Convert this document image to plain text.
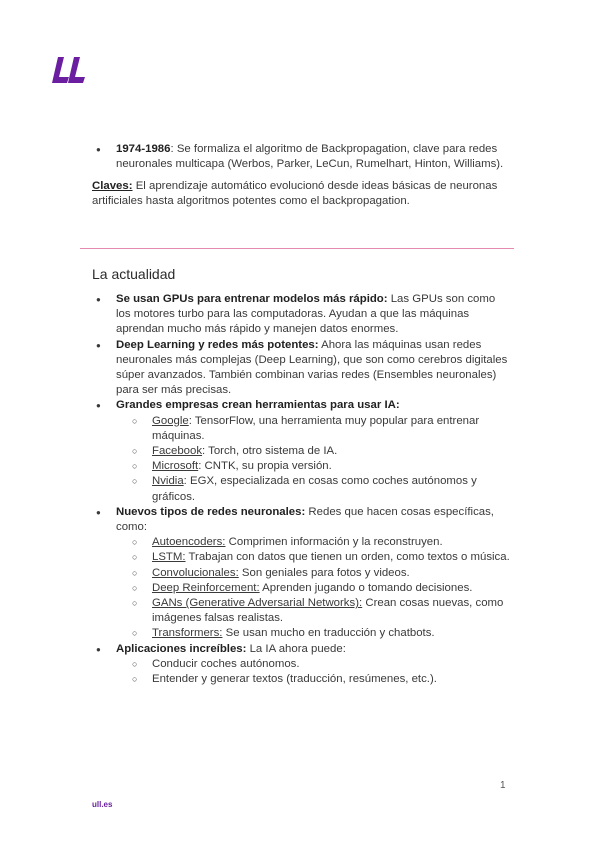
● 1974-1986: Se formaliza el algoritmo de Backpropagation, clave para redes neuronales multicapa (Werbos, Parker, LeCun, Rumelhart, Hinton, Williams).
Claves: El aprendizaje automático evolucionó desde ideas básicas de neuronas artificiales hasta algoritmos potentes como el backpropagation.
La actualidad
● Se usan GPUs para entrenar modelos más rápido: Las GPUs son como los motores turbo para las computadoras. Ayudan a que las máquinas aprendan mucho más rápido y manejen datos enormes.
● Deep Learning y redes más potentes: Ahora las máquinas usan redes neuronales más complejas (Deep Learning), que son como cerebros digitales súper avanzados. También combinan varias redes (Ensembles neuronales) para ser más precisas.
● Grandes empresas crean herramientas para usar IA:
○ Google: TensorFlow, una herramienta muy popular para entrenar máquinas.
○ Facebook: Torch, otro sistema de IA.
○ Microsoft: CNTK, su propia versión.
○ Nvidia: EGX, especializada en cosas como coches autónomos y gráficos.
● Nuevos tipos de redes neuronales: Redes que hacen cosas específicas, como:
○ Autoencoders: Comprimen información y la reconstruyen.
○ LSTM: Trabajan con datos que tienen un orden, como textos o música.
○ Convolucionales: Son geniales para fotos y videos.
○ Deep Reinforcement: Aprenden jugando o tomando decisiones.
○ GANs (Generative Adversarial Networks): Crean cosas nuevas, como imágenes falsas realistas.
○ Transformers: Se usan mucho en traducción y chatbots.
● Aplicaciones increíbles: La IA ahora puede:
○ Conducir coches autónomos.
○ Entender y generar textos (traducción, resúmenes, etc.).
1
ull.es
